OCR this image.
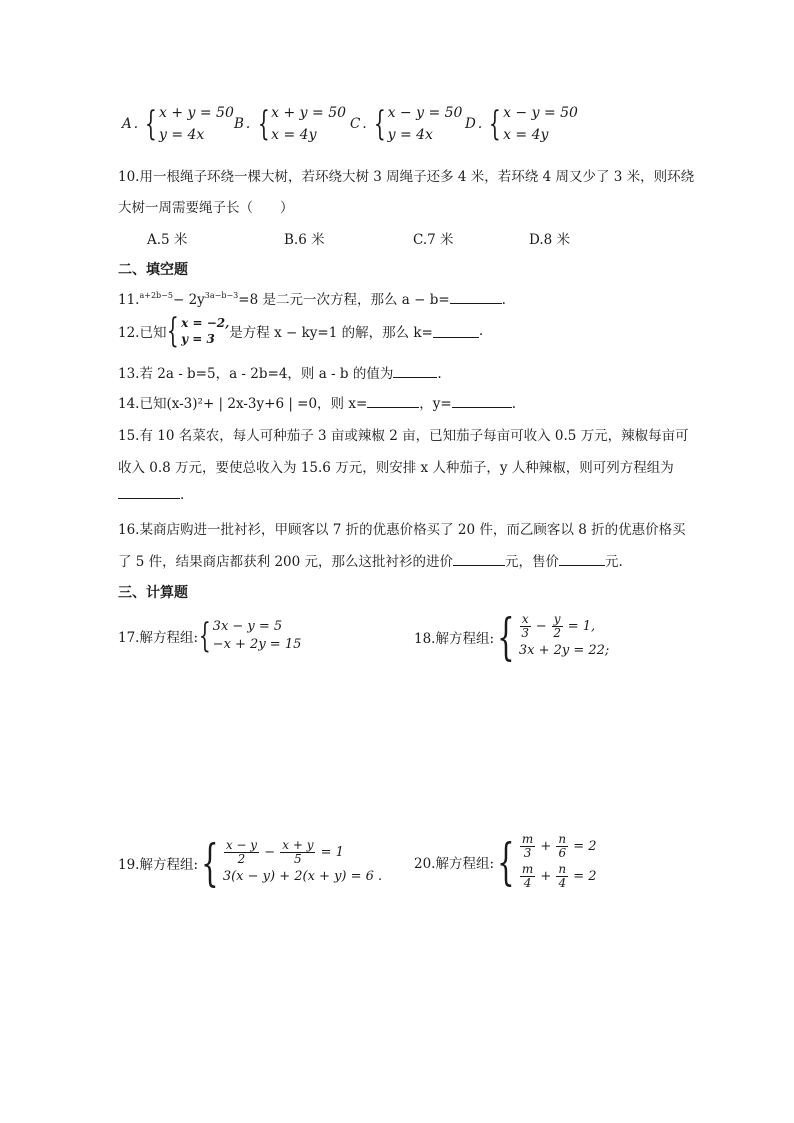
A . { x + y = 50
y = 4x
B . { x + y = 50
x = 4y
C . { x − y = 50
y = 4x
D . { x − y = 50
x = 4y
10.用一根绳子环绕一棵大树，若环绕大树 3 周绳子还多 4 米，若环绕 4 周又少了 3 米，则环绕
大树一周需要绳子长（　　）
A.5 米	B.6 米	C.7 米	D.8 米
二、填空题
$11.^{a+2b-5}- 2y^{3a-b-3}=8$ 是二元一次方程，那么 a − b=	.
12.已知 { x = −2,
y = 3	是方程 x − ky=1 的解，那么 k=	.
13.若 2a - b=5，a - 2b=4，则 a - b 的值为	.
14.已知(x-3)²+ | 2x-3y+6 | =0，则 x=	，y=	.
15.有 10 名菜农，每人可种茄子 3 亩或辣椒 2 亩，已知茄子每亩可收入 0.5 万元，辣椒每亩可
收入 0.8 万元，要使总收入为 15.6 万元，则安排 x 人种茄子，y 人种辣椒，则可列方程组为
.
16.某商店购进一批衬衫，甲顾客以 7 折的优惠价格买了 20 件，而乙顾客以 8 折的优惠价格买
了 5 件，结果商店都获利 200 元，那么这批衬衫的进价	元，售价	元.
三、计算题
17.解方程组: { 3x − y = 5
−x + 2y = 15	18.解方程组: { $\frac{x}{3} - \frac{y}{2} = 1$,
3x + 2y = 22;
19.解方程组: { $\frac{x - y}{2} - \frac{x + y}{5} = 1$
3(x − y) + 2(x + y) = 6 .
20.解方程组: { $\frac{m}{3} + \frac{n}{6} = 2$
$\frac{m}{4} + \frac{n}{4} = 2$
